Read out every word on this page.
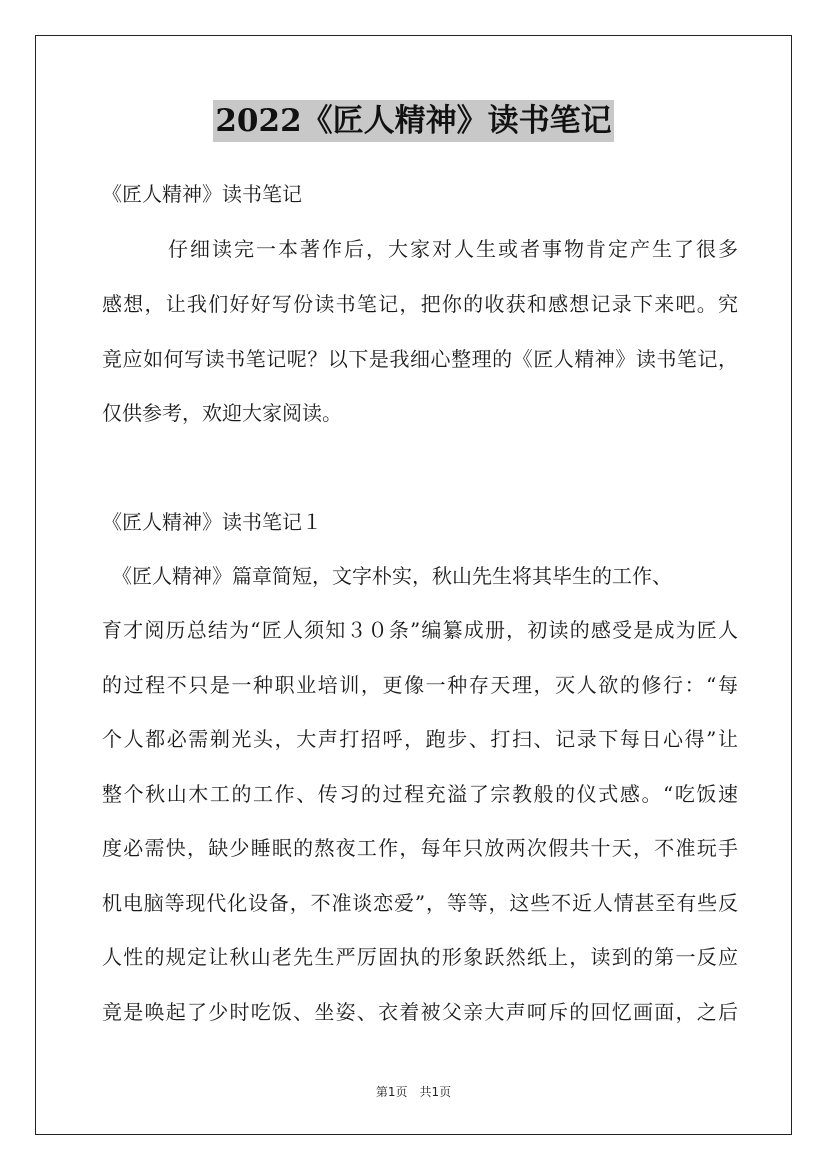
2022《匠人精神》读书笔记
《匠人精神》读书笔记
　　　仔细读完一本著作后，大家对人生或者事物肯定产生了很多
感想，让我们好好写份读书笔记，把你的收获和感想记录下来吧。究
竟应如何写读书笔记呢？以下是我细心整理的《匠人精神》读书笔记，
仅供参考，欢迎大家阅读。
《匠人精神》读书笔记１
　《匠人精神》篇章简短，文字朴实，秋山先生将其毕生的工作、
育才阅历总结为“匠人须知３０条”编纂成册，初读的感受是成为匠人
的过程不只是一种职业培训，更像一种存天理，灭人欲的修行：“每
个人都必需剃光头，大声打招呼，跑步、打扫、记录下每日心得”让
整个秋山木工的工作、传习的过程充溢了宗教般的仪式感。“吃饭速
度必需快，缺少睡眠的熬夜工作，每年只放两次假共十天，不准玩手
机电脑等现代化设备，不准谈恋爱”，等等，这些不近人情甚至有些反
人性的规定让秋山老先生严厉固执的形象跃然纸上，读到的第一反应
竟是唤起了少时吃饭、坐姿、衣着被父亲大声呵斥的回忆画面，之后
第1页　共1页
